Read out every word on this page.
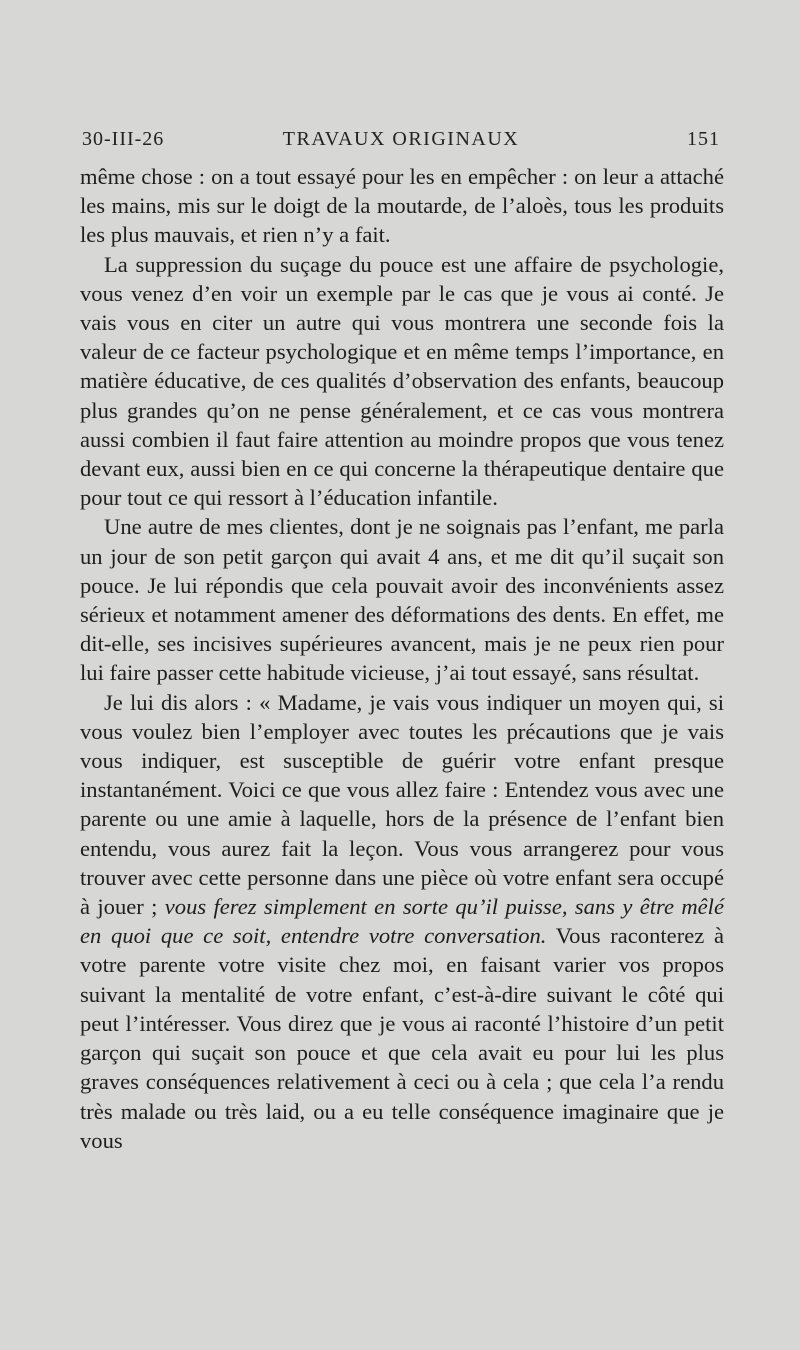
30-III-26	TRAVAUX ORIGINAUX	151

même chose : on a tout essayé pour les en empêcher : on leur a attaché les mains, mis sur le doigt de la moutarde, de l’aloès, tous les produits les plus mauvais, et rien n’y a fait.

La suppression du suçage du pouce est une affaire de psychologie, vous venez d’en voir un exemple par le cas que je vous ai conté. Je vais vous en citer un autre qui vous montrera une seconde fois la valeur de ce facteur psychologique et en même temps l’importance, en matière éducative, de ces qualités d’observation des enfants, beaucoup plus grandes qu’on ne pense généralement, et ce cas vous montrera aussi combien il faut faire attention au moindre propos que vous tenez devant eux, aussi bien en ce qui concerne la thérapeutique dentaire que pour tout ce qui ressort à l’éducation infantile.

Une autre de mes clientes, dont je ne soignais pas l’enfant, me parla un jour de son petit garçon qui avait 4 ans, et me dit qu’il suçait son pouce. Je lui répondis que cela pouvait avoir des inconvénients assez sérieux et notamment amener des déformations des dents. En effet, me dit-elle, ses incisives supérieures avancent, mais je ne peux rien pour lui faire passer cette habitude vicieuse, j’ai tout essayé, sans résultat.

Je lui dis alors : « Madame, je vais vous indiquer un moyen qui, si vous voulez bien l’employer avec toutes les précautions que je vais vous indiquer, est susceptible de guérir votre enfant presque instantanément. Voici ce que vous allez faire : Entendez vous avec une parente ou une amie à laquelle, hors de la présence de l’enfant bien entendu, vous aurez fait la leçon. Vous vous arrangerez pour vous trouver avec cette personne dans une pièce où votre enfant sera occupé à jouer ; vous ferez simplement en sorte qu’il puisse, sans y être mêlé en quoi que ce soit, entendre votre conversation. Vous raconterez à votre parente votre visite chez moi, en faisant varier vos propos suivant la mentalité de votre enfant, c’est-à-dire suivant le côté qui peut l’intéresser. Vous direz que je vous ai raconté l’histoire d’un petit garçon qui suçait son pouce et que cela avait eu pour lui les plus graves conséquences relativement à ceci ou à cela ; que cela l’a rendu très malade ou très laid, ou a eu telle conséquence imaginaire que je vous
